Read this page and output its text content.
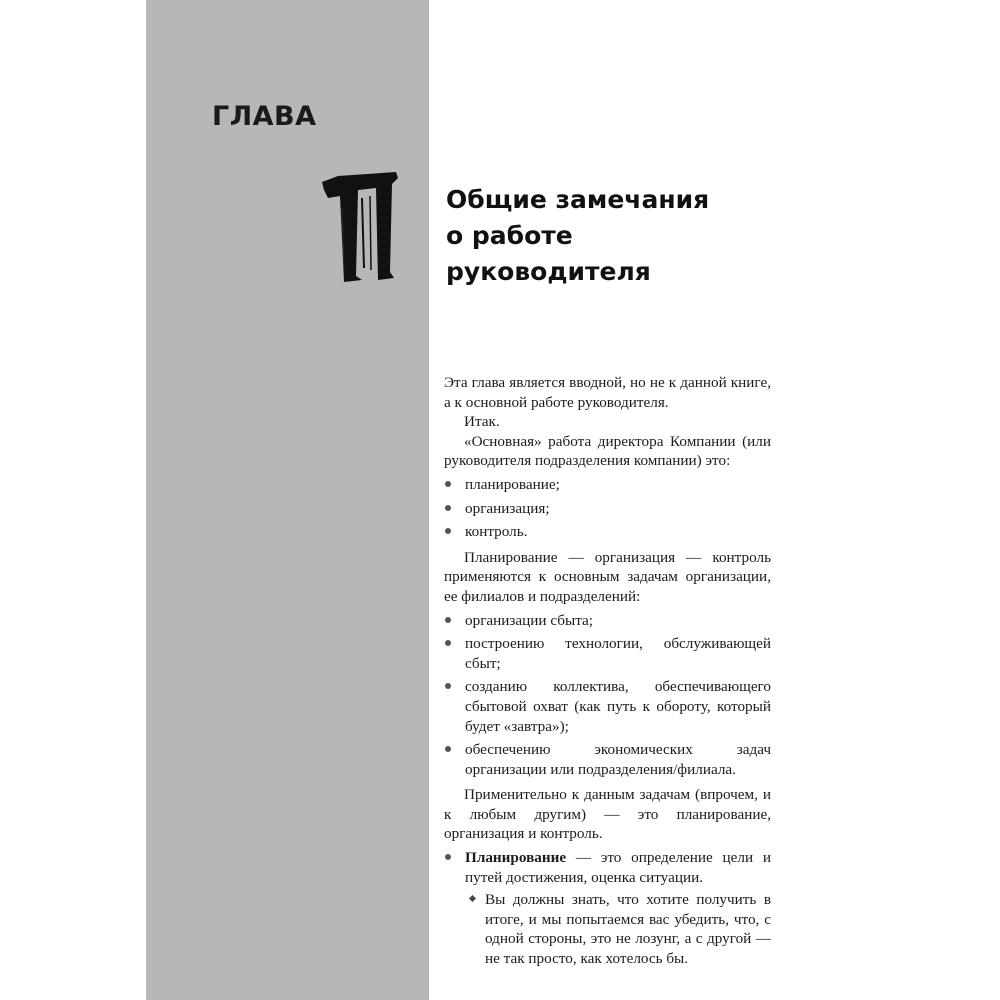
ГЛАВА
Общие замечания
о работе
руководителя

Эта глава является вводной, но не к данной книге, а к основной работе руководителя.

Итак.

«Основная» работа директора Компании (или руководителя подразделения компании) это:

планирование;
организация;
контроль.

Планирование — организация — контроль применяются к основным задачам организации, ее филиалов и подразделений:

организации сбыта;
построению технологии, обслуживающей сбыт;
созданию коллектива, обеспечивающего сбытовой охват (как путь к обороту, который будет «завтра»);
обеспечению экономических задач организации или подразделения/филиала.

Применительно к данным задачам (впрочем, и к любым другим) — это планирование, организация и контроль.

Планирование — это определение цели и путей достижения, оценка ситуации.
Вы должны знать, что хотите получить в итоге, и мы попытаемся вас убедить, что, с одной стороны, это не лозунг, а с другой — не так просто, как хотелось бы.
